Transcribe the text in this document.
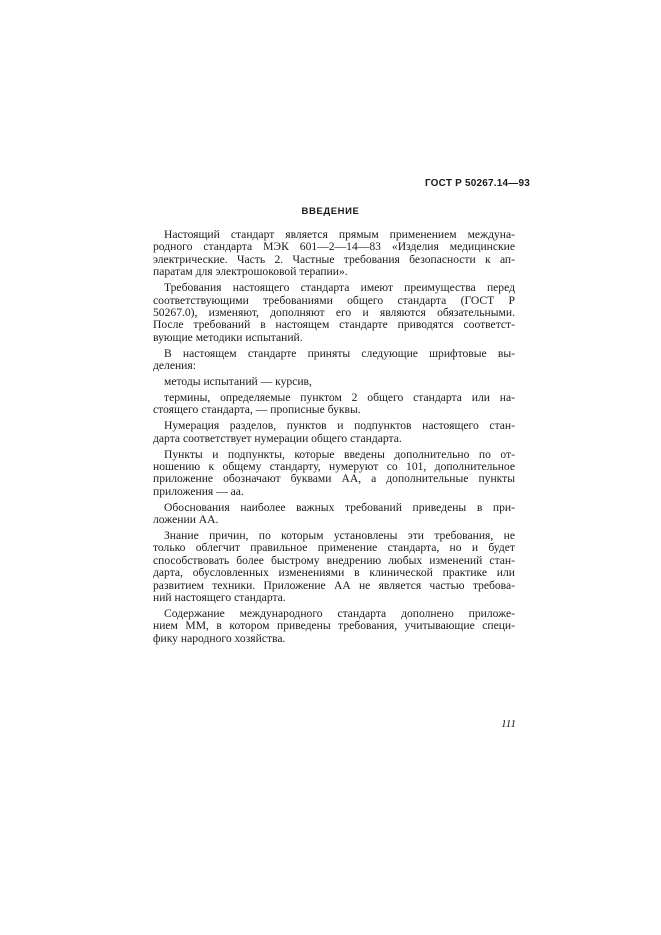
ГОСТ Р 50267.14—93
ВВЕДЕНИЕ
Настоящий стандарт является прямым применением междуна-
родного стандарта МЭК 601—2—14—83 «Изделия медицинские
электрические. Часть 2. Частные требования безопасности к ап-
паратам для электрошоковой терапии».
Требования настоящего стандарта имеют преимущества перед
соответствующими требованиями общего стандарта (ГОСТ Р
50267.0), изменяют, дополняют его и являются обязательными.
После требований в настоящем стандарте приводятся соответст-
вующие методики испытаний.
В настоящем стандарте приняты следующие шрифтовые вы-
деления:
методы испытаний — курсив,
термины, определяемые пунктом 2 общего стандарта или на-
стоящего стандарта, — прописные буквы.
Нумерация разделов, пунктов и подпунктов настоящего стан-
дарта соответствует нумерации общего стандарта.
Пункты и подпункты, которые введены дополнительно по от-
ношению к общему стандарту, нумеруют со 101, дополнительное
приложение обозначают буквами АА, а дополнительные пункты
приложения — аа.
Обоснования наиболее важных требований приведены в при-
ложении АА.
Знание причин, по которым установлены эти требования, не
только облегчит правильное применение стандарта, но и будет
способствовать более быстрому внедрению любых изменений стан-
дарта, обусловленных изменениями в клинической практике или
развитием техники. Приложение АА не является частью требова-
ний настоящего стандарта.
Содержание международного стандарта дополнено приложе-
нием ММ, в котором приведены требования, учитывающие специ-
фику народного хозяйства.
111
